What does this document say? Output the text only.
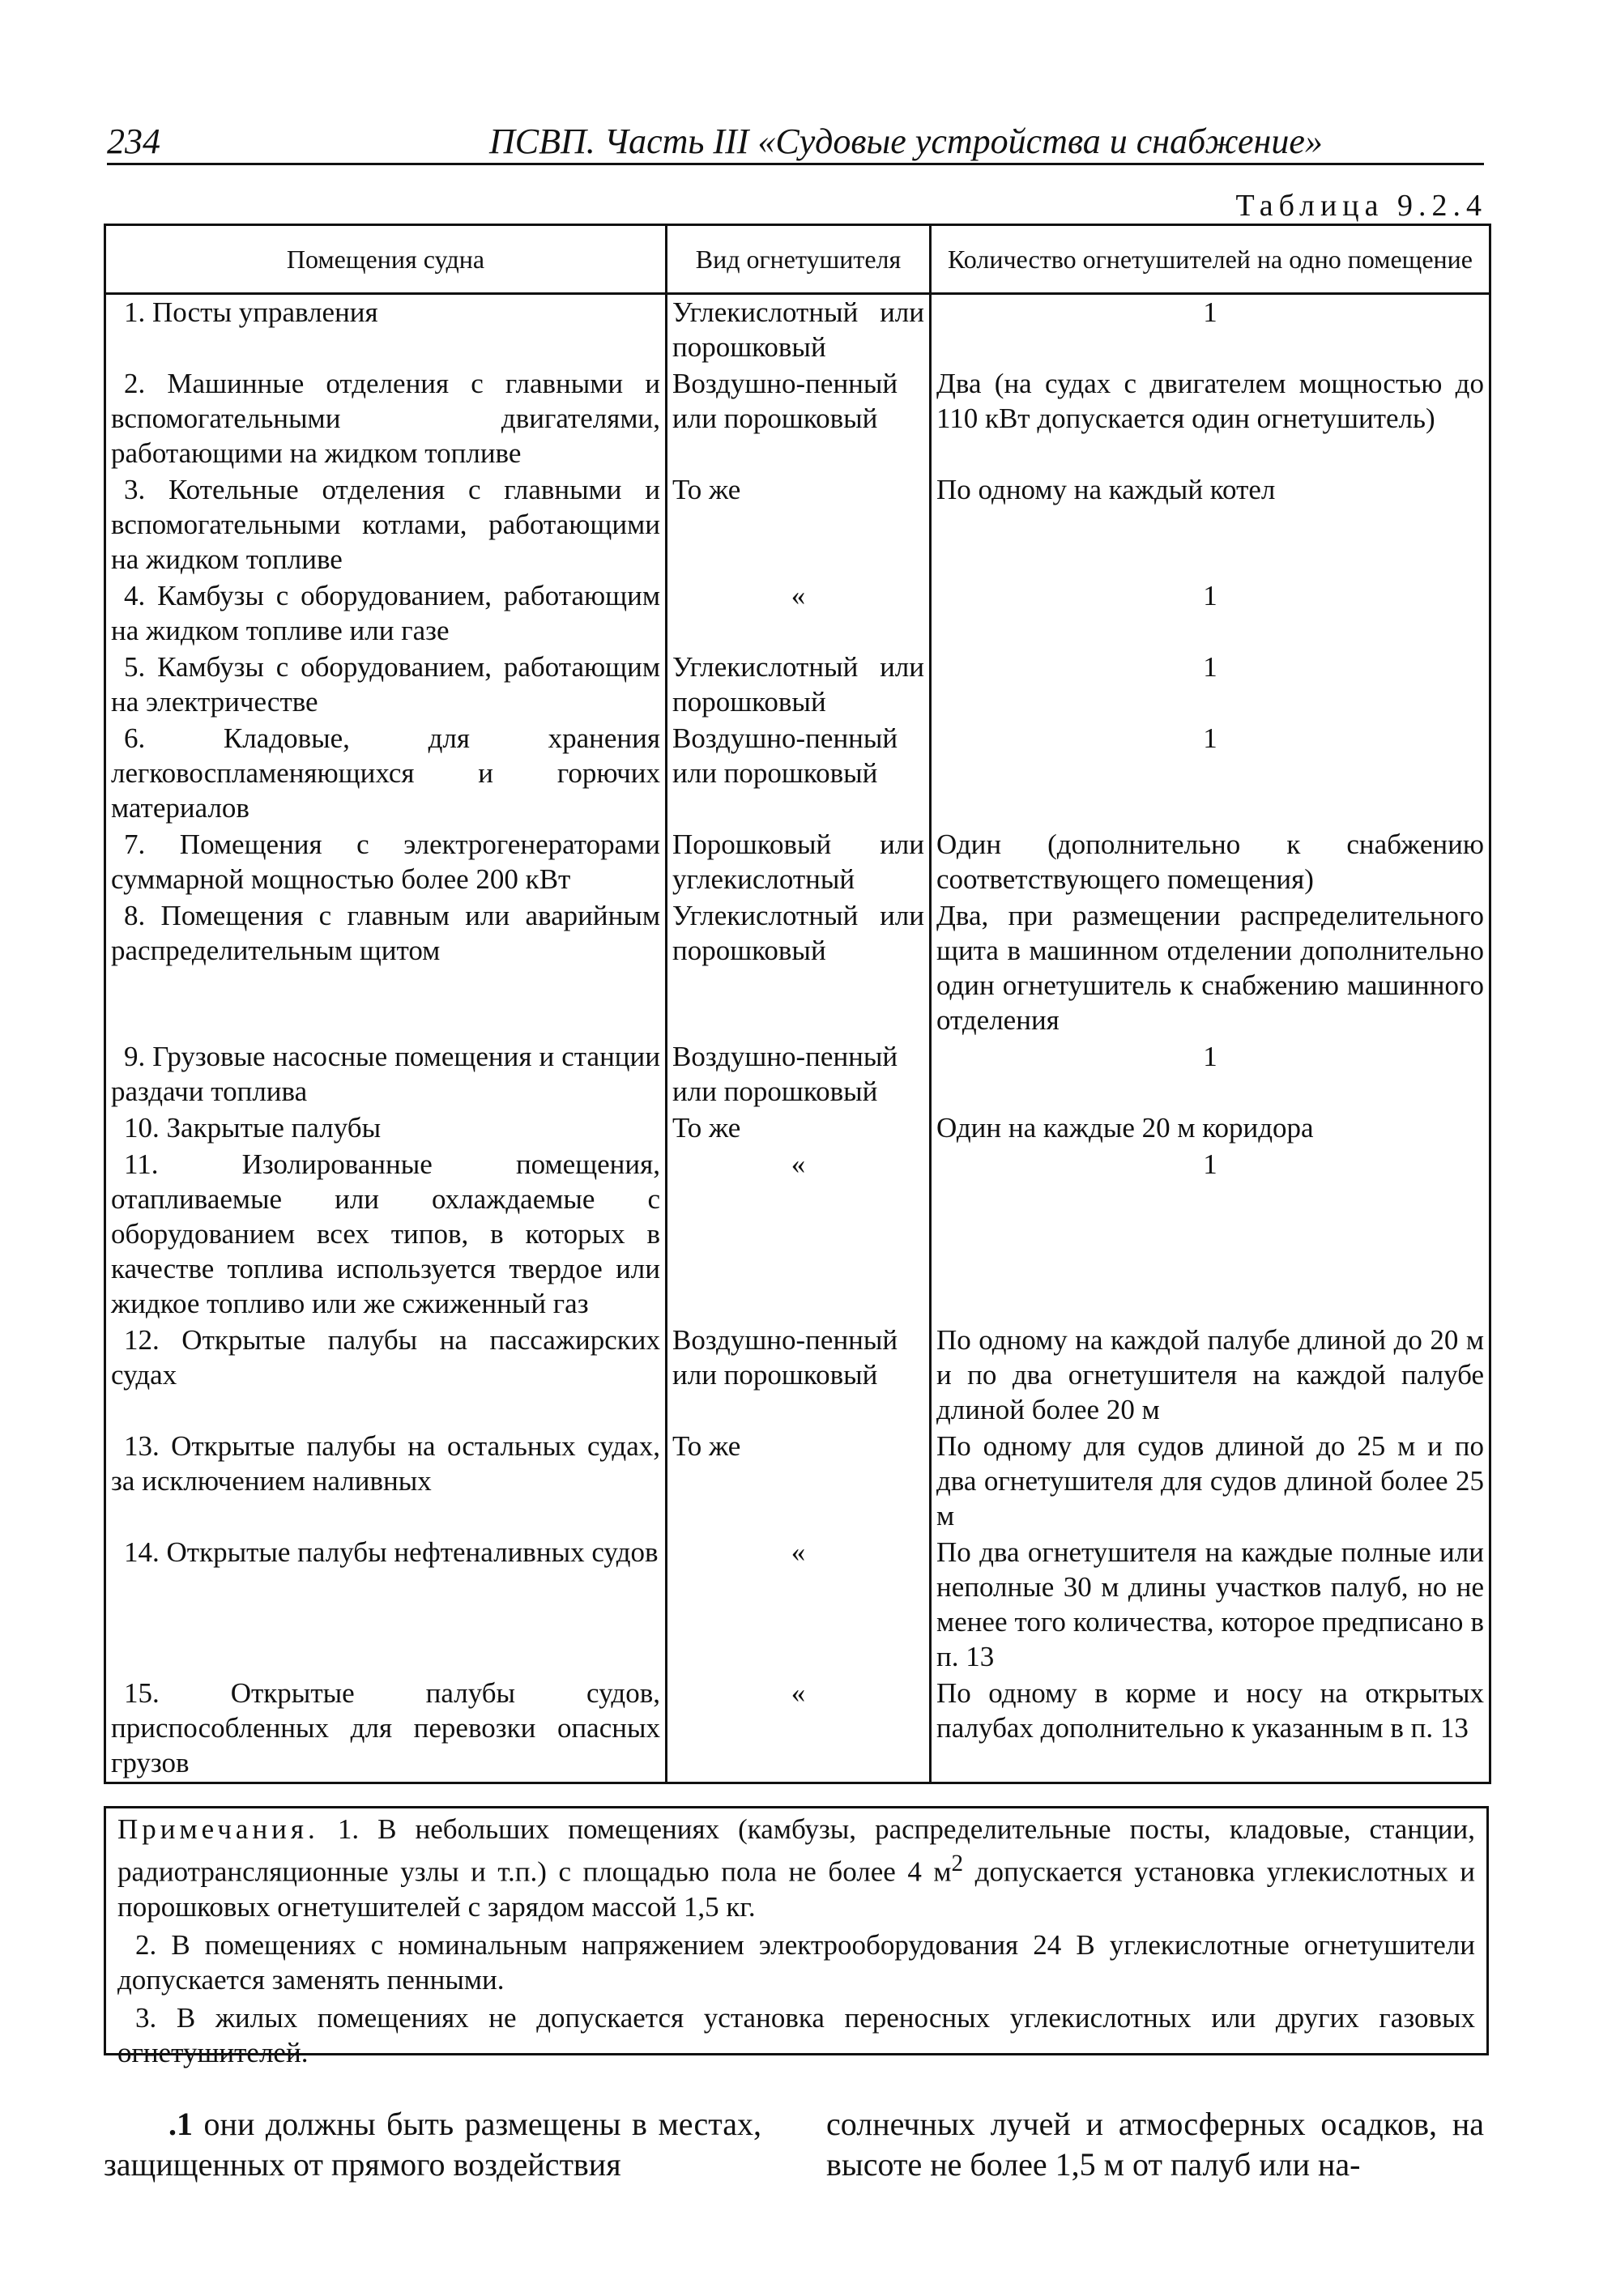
234	ПСВП. Часть III «Судовые устройства и снабжение»
Таблица 9.2.4
Помещения судна	Вид огнетушителя	Количество огнетушителей на одно помещение
1. Посты управления	Углекислотный или порошковый	1
2. Машинные отделения с главными и вспомогательными двигателями, работающими на жидком топливе	Воздушно-пенный или порошковый	Два (на судах с двигателем мощностью до 110 кВт допускается один огнетушитель)
3. Котельные отделения с главными и вспомогательными котлами, работающими на жидком топливе	То же	По одному на каждый котел
4. Камбузы с оборудованием, работающим на жидком топливе или газе	«	1
5. Камбузы с оборудованием, работающим на электричестве	Углекислотный или порошковый	1
6. Кладовые, для хранения легковоспламеняющихся и горючих материалов	Воздушно-пенный или порошковый	1
7. Помещения с электрогенераторами суммарной мощностью более 200 кВт	Порошковый или углекислотный	Один (дополнительно к снабжению соответствующего помещения)
8. Помещения с главным или аварийным распределительным щитом	Углекислотный или порошковый	Два, при размещении распределительного щита в машинном отделении дополнительно один огнетушитель к снабжению машинного отделения
9. Грузовые насосные помещения и станции раздачи топлива	Воздушно-пенный или порошковый	1
10. Закрытые палубы	То же	Один на каждые 20 м коридора
11. Изолированные помещения, отапливаемые или охлаждаемые с оборудованием всех типов, в которых в качестве топлива используется твердое или жидкое топливо или же сжиженный газ	«	1
12. Открытые палубы на пассажирских судах	Воздушно-пенный или порошковый	По одному на каждой палубе длиной до 20 м и по два огнетушителя на каждой палубе длиной более 20 м
13. Открытые палубы на остальных судах, за исключением наливных	То же	По одному для судов длиной до 25 м и по два огнетушителя для судов длиной более 25 м
14. Открытые палубы нефтеналивных судов	«	По два огнетушителя на каждые полные или неполные 30 м длины участков палуб, но не менее того количества, которое предписано в п. 13
15. Открытые палубы судов, приспособленных для перевозки опасных грузов	«	По одному в корме и носу на открытых палубах дополнительно к указанным в п. 13

Примечания. 1. В небольших помещениях (камбузы, распределительные посты, кладовые, станции, радиотрансляционные узлы и т.п.) с площадью пола не более 4 $м^2$ допускается установка углекислотных и порошковых огнетушителей с зарядом массой 1,5 кг.

2. В помещениях с номинальным напряжением электрооборудования 24 В углекислотные огнетушители допускается заменять пенными.

3. В жилых помещениях не допускается установка переносных углекислотных или других газовых огнетушителей.

.1 они должны быть размещены в местах, защищенных от прямого воздействия

солнечных лучей и атмосферных осадков, на высоте не более 1,5 м от палуб или на-
